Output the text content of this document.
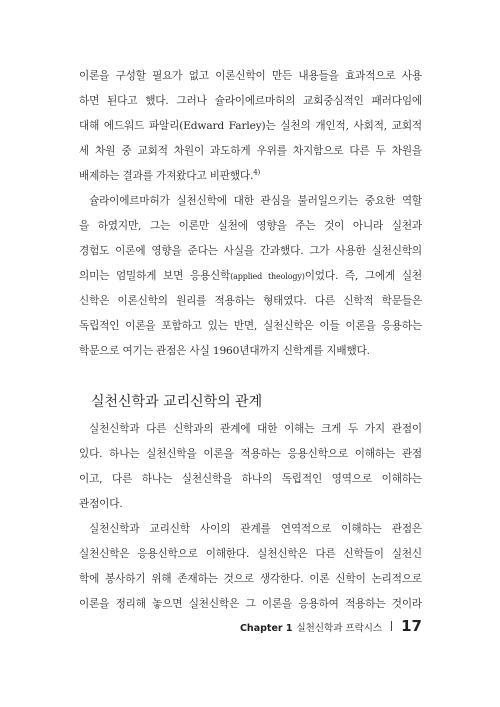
이론을 구성할 필요가 없고 이론신학이 만든 내용들을 효과적으로 사용
하면 된다고 했다. 그러나 슐라이에르마허의 교회중심적인 패러다임에
대해 에드워드 파알리(Edward Farley)는 실천의 개인적, 사회적, 교회적
세 차원 중 교회적 차원이 과도하게 우위를 차지함으로 다른 두 차원을
배제하는 결과를 가져왔다고 비판했다.$^{4)}$
슐라이에르마허가 실천신학에 대한 관심을 불러일으키는 중요한 역할
을 하였지만, 그는 이론만 실천에 영향을 주는 것이 아니라 실천과
경험도 이론에 영향을 준다는 사실을 간과했다. 그가 사용한 실천신학의
의미는 엄밀하게 보면 응용신학(applied theology)이었다. 즉, 그에게 실천
신학은 이론신학의 원리를 적용하는 형태였다. 다른 신학적 학문들은
독립적인 이론을 포함하고 있는 반면, 실천신학은 이들 이론을 응용하는
학문으로 여기는 관점은 사실 1960년대까지 신학계를 지배했다.
실천신학과 교리신학의 관계
실천신학과 다른 신학과의 관계에 대한 이해는 크게 두 가지 관점이
있다. 하나는 실천신학을 이론을 적용하는 응용신학으로 이해하는 관점
이고, 다른 하나는 실천신학을 하나의 독립적인 영역으로 이해하는
관점이다.
실천신학과 교리신학 사이의 관계를 연역적으로 이해하는 관점은
실천신학은 응용신학으로 이해한다. 실천신학은 다른 신학들이 실천신
학에 봉사하기 위해 존재하는 것으로 생각한다. 이론 신학이 논리적으로
이론을 정리해 놓으면 실천신학은 그 이론을 응용하여 적용하는 것이라
Chapter 1 실천신학과 프락시스 17
